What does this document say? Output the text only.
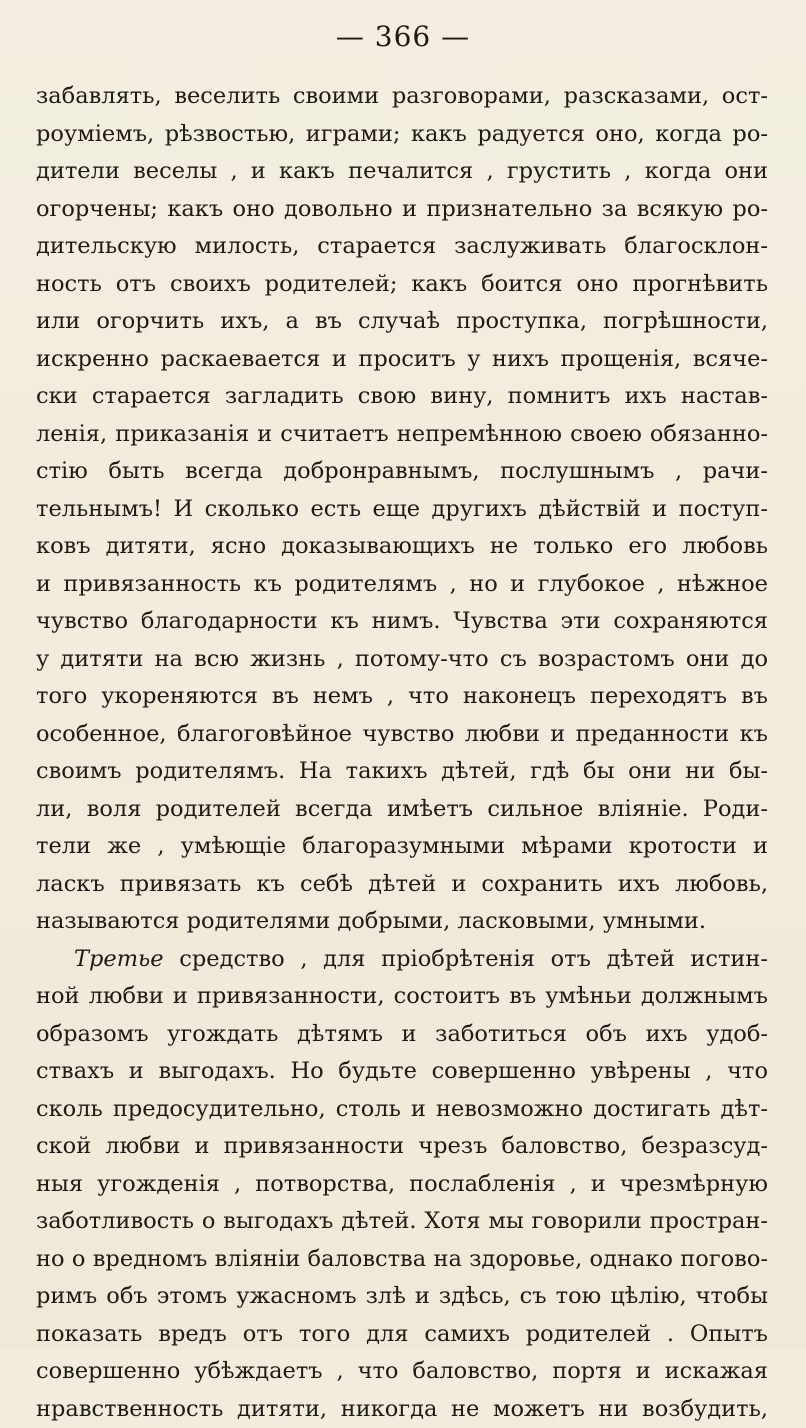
— 366 —
забавлять, веселить своими разговорами, разсказами, ост-
роуміемъ, рѣзвостью, играми; какъ радуется оно, когда ро-
дители веселы , и какъ печалится , грустить , когда они
огорчены; какъ оно довольно и признательно за всякую ро-
дительскую милость, старается заслуживать благосклон-
ность отъ своихъ родителей; какъ боится оно прогнѣвить
или огорчить ихъ, а въ случаѣ проступка, погрѣшности,
искренно раскаевается и проситъ у нихъ прощенія, всяче-
ски старается загладить свою вину, помнитъ ихъ настав-
ленія, приказанія и считаетъ непремѣнною своею обязанно-
стію быть всегда добронравнымъ, послушнымъ , рачи-
тельнымъ! И сколько есть еще другихъ дѣйствій и поступ-
ковъ дитяти, ясно доказывающихъ не только его любовь
и привязанность къ родителямъ , но и глубокое , нѣжное
чувство благодарности къ нимъ. Чувства эти сохраняются
у дитяти на всю жизнь , потому-что съ возрастомъ они до
того укореняются въ немъ , что наконецъ переходятъ въ
особенное, благоговѣйное чувство любви и преданности къ
своимъ родителямъ. На такихъ дѣтей, гдѣ бы они ни бы-
ли, воля родителей всегда имѣетъ сильное вліяніе. Роди-
тели же , умѣющіе благоразумными мѣрами кротости и
ласкъ привязать къ себѣ дѣтей и сохранить ихъ любовь,
называются родителями добрыми, ласковыми, умными.
Третье средство , для пріобрѣтенія отъ дѣтей истин-
ной любви и привязанности, состоитъ въ умѣньи должнымъ
образомъ угождать дѣтямъ и заботиться объ ихъ удоб-
ствахъ и выгодахъ. Но будьте совершенно увѣрены , что
сколь предосудительно, столь и невозможно достигать дѣт-
ской любви и привязанности чрезъ баловство, безразсуд-
ныя угожденія , потворства, послабленія , и чрезмѣрную
заботливость о выгодахъ дѣтей. Хотя мы говорили простран-
но о вредномъ вліяніи баловства на здоровье, однако погово-
римъ объ этомъ ужасномъ злѣ и здѣсь, съ тою цѣлію, чтобы
показать вредъ отъ того для самихъ родителей . Опытъ
совершенно убѣждаетъ , что баловство, портя и искажая
нравственность дитяти, никогда не можетъ ни возбудить,
